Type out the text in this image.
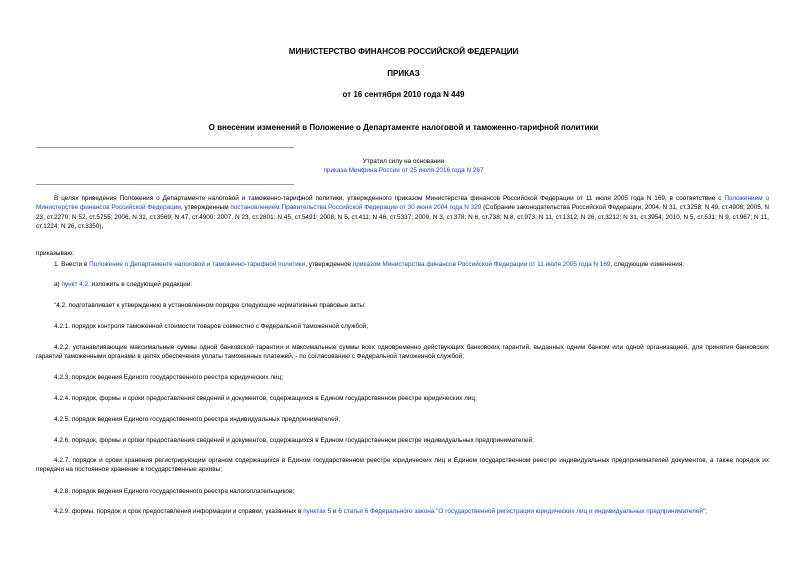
МИНИСТЕРСТВО ФИНАНСОВ РОССИЙСКОЙ ФЕДЕРАЦИИ
ПРИКАЗ
от 16 сентября 2010 года N 449
О внесении изменений в Положение о Департаменте налоговой и таможенно-тарифной политики
Утратил силу на основании
приказа Минфина России от 25 июля 2016 года N 267
В целях приведения Положения о Департаменте налоговой и таможенно-тарифной политики, утвержденного приказом Министерства финансов Российской Федерации от 11 июля 2005 года N 169, в соответствие с Положением о Министерстве финансов Российской Федерации, утвержденным постановлением Правительства Российской Федерации от 30 июня 2004 года N 329 (Собрание законодательства Российской Федерации, 2004, N 31, ст.3258; N 49, ст.4908; 2005, N 23, ст.2270; N 52, ст.5755; 2006, N 32, ст.3569; N 47, ст.4900; 2007, N 23, ст.2801; N 45, ст.5491; 2008, N 5, ст.411; N 46, ст.5337; 2009, N 3, ст.378; N 6, ст.738; N 8, ст.973; N 11, ст.1312; N 26, ст.3212; N 31, ст.3954; 2010, N 5, ст.531; N 9, ст.967; N 11, ст.1224; N 26, ст.3350),
приказываю:
1. Внести в Положение о Департаменте налоговой и таможенно-тарифной политики, утвержденное приказом Министерства финансов Российской Федерации от 11 июля 2005 года N 169, следующие изменения:
а) пункт 4.2. изложить в следующей редакции:
"4.2. подготавливает к утверждению в установленном порядке следующие нормативные правовые акты:
4.2.1. порядок контроля таможенной стоимости товаров совместно с Федеральной таможенной службой;
4.2.2. устанавливающие максимальные суммы одной банковской гарантии и максимальные суммы всех одновременно действующих банковских гарантий, выданных одним банком или одной организацией, для принятия банковских гарантий таможенными органами в целях обеспечения уплаты таможенных платежей, - по согласованию с Федеральной таможенной службой;
4.2.3. порядок ведения Единого государственного реестра юридических лиц;
4.2.4. порядок, формы и сроки предоставления сведений и документов, содержащихся в Едином государственном реестре юридических лиц;
4.2.5. порядок ведения Единого государственного реестра индивидуальных предпринимателей;
4.2.6. порядок, формы и сроки предоставления сведений и документов, содержащихся в Едином государственном реестре индивидуальных предпринимателей;
4.2.7. порядок и сроки хранения регистрирующим органом содержащихся в Едином государственном реестре юридических лиц и Едином государственном реестре индивидуальных предпринимателей документов, а также порядок их передачи на постоянное хранение в государственные архивы;
4.2.8. порядок ведения Единого государственного реестра налогоплательщиков;
4.2.9. формы, порядок и срок предоставления информации и справки, указанных в пунктах 5 и 6 статьи 6 Федерального закона "О государственной регистрации юридических лиц и индивидуальных предпринимателей";
